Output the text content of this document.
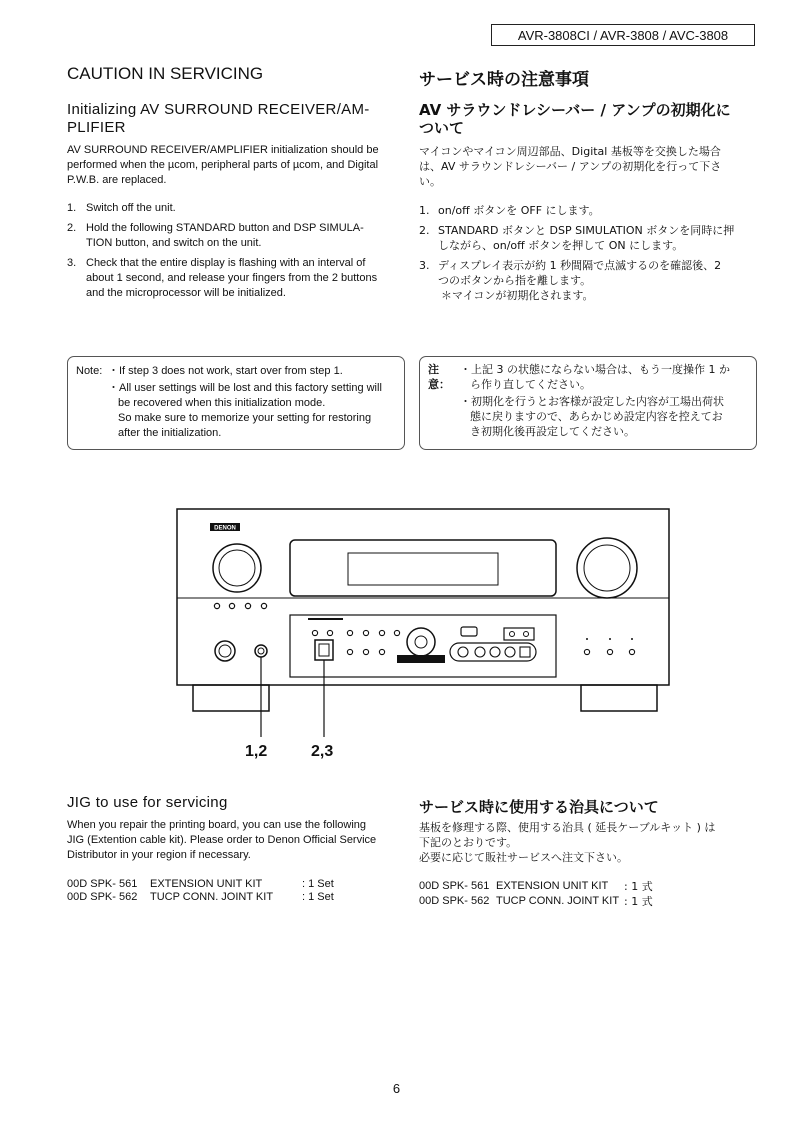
AVR-3808CI / AVR-3808 / AVC-3808
CAUTION IN SERVICING
Initializing AV SURROUND RECEIVER/AM-
PLIFIER
AV SURROUND RECEIVER/AMPLIFIER initialization should be
performed when the µcom, peripheral parts of µcom, and Digital
P.W.B. are replaced.
1. Switch off the unit.
2. Hold the following STANDARD button and DSP SIMULA-
TION button, and switch on the unit.
3. Check that the entire display is flashing with an interval of
about 1 second, and release your fingers from the 2 buttons
and the microprocessor will be initialized.
Note: ・If step 3 does not work, start over from step 1.
・All user settings will be lost and this factory setting will
be recovered when this initialization mode.
So make sure to memorize your setting for restoring
after the initialization.
サービス時の注意事項
AV サラウンドレシーバー / アンプの初期化に
ついて
マイコンやマイコン周辺部品、Digital 基板等を交換した場合
は、AV サラウンドレシーバー / アンプの初期化を行って下さ
い。
1. on/off ボタンを OFF にします。
2. STANDARD ボタンと DSP SIMULATION ボタンを同時に押
しながら、on/off ボタンを押して ON にします。
3. ディスプレイ表示が約 1 秒間隔で点滅するのを確認後、2
つのボタンから指を離します。
＊マイコンが初期化されます。
注意：
・上記 3 の状態にならない場合は、もう一度操作 1 か
ら作り直してください。
・初期化を行うとお客様が設定した内容が工場出荷状
態に戻りますので、あらかじめ設定内容を控えてお
き初期化後再設定してください。
DENON
1,2	2,3
JIG to use for servicing
When you repair the printing board, you can use the following
JIG (Extention cable kit). Please order to Denon Official Service
Distributor in your region if necessary.
00D SPK- 561	EXTENSION UNIT KIT	: 1 Set
00D SPK- 562	TUCP CONN. JOINT KIT	: 1 Set
サービス時に使用する治具について
基板を修理する際、使用する治具 ( 延長ケーブルキット ) は
下記のとおりです。
必要に応じて販社サービスへ注文下さい。
00D SPK- 561 EXTENSION UNIT KIT	: 1 式
00D SPK- 562 TUCP CONN. JOINT KIT : 1 式
6
